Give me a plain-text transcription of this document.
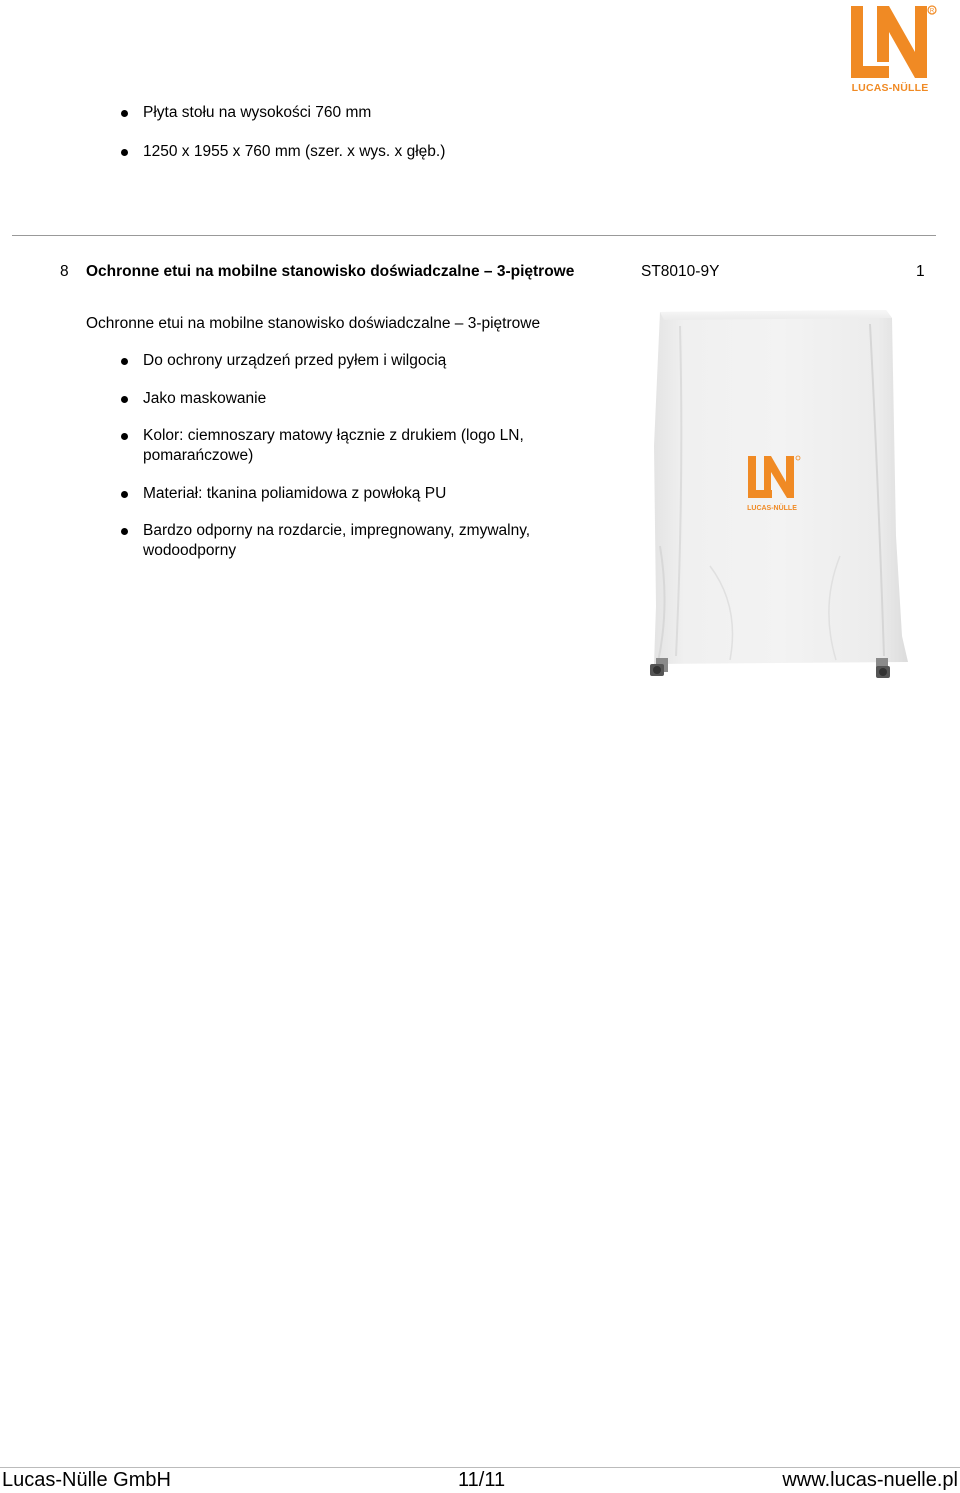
R
LUCAS-NÜLLE
Płyta stołu na wysokości 760 mm
1250 x 1955 x 760 mm (szer. x wys. x głęb.)
8 Ochronne etui na mobilne stanowisko doświadczalne – 3-piętrowe	ST8010-9Y	1
Ochronne etui na mobilne stanowisko doświadczalne – 3-piętrowe
Do ochrony urządzeń przed pyłem i wilgocią
Jako maskowanie
Kolor: ciemnoszary matowy łącznie z drukiem (logo LN, pomarańczowe)
Materiał: tkanina poliamidowa z powłoką PU
Bardzo odporny na rozdarcie, impregnowany, zmywalny, wodoodporny
LUCAS-NÜLLE
Lucas-Nülle GmbH	11/11	www.lucas-nuelle.pl
